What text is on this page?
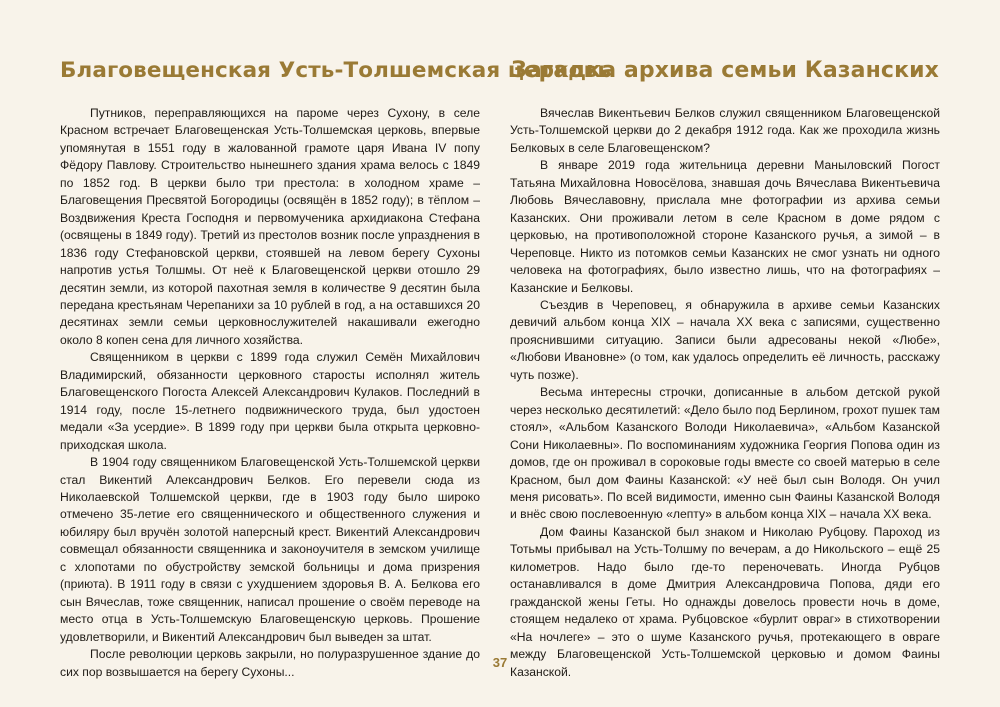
Благовещенская Усть-Толшемская церковь

Путников, переправляющихся на пароме через Сухону, в селе Красном встречает Благовещенская Усть-Толшемская церковь, впервые упомянутая в 1551 году в жалованной грамоте царя Ивана IV попу Фёдору Павлову. Строительство нынешнего здания храма велось с 1849 по 1852 год. В церкви было три престола: в холодном храме – Благовещения Пресвятой Богородицы (освящён в 1852 году); в тёплом – Воздвижения Креста Господня и первомученика архидиакона Стефана (освящены в 1849 году). Третий из престолов возник после упразднения в 1836 году Стефановской церкви, стоявшей на левом берегу Сухоны напротив устья Толшмы. От неё к Благовещенской церкви отошло 29 десятин земли, из которой пахотная земля в количестве 9 десятин была передана крестьянам Черепанихи за 10 рублей в год, а на оставшихся 20 десятинах земли семьи церковнослужителей накашивали ежегодно около 8 копен сена для личного хозяйства.

Священником в церкви с 1899 года служил Семён Михайлович Владимирский, обязанности церковного старосты исполнял житель Благовещенского Погоста Алексей Александрович Кулаков. Последний в 1914 году, после 15-летнего подвижнического труда, был удостоен медали «За усердие». В 1899 году при церкви была открыта церковно-приходская школа.

В 1904 году священником Благовещенской Усть-Толшемской церкви стал Викентий Александрович Белков. Его перевели сюда из Николаевской Толшемской церкви, где в 1903 году было широко отмечено 35-летие его священнического и общественного служения и юбиляру был вручён золотой наперсный крест. Викентий Александрович совмещал обязанности священника и законоучителя в земском училище с хлопотами по обустройству земской больницы и дома призрения (приюта). В 1911 году в связи с ухудшением здоровья В. А. Белкова его сын Вячеслав, тоже священник, написал прошение о своём переводе на место отца в Усть-Толшемскую Благовещенскую церковь. Прошение удовлетворили, и Викентий Александрович был выведен за штат.

После революции церковь закрыли, но полуразрушенное здание до сих пор возвышается на берегу Сухоны...

Загадка архива семьи Казанских

Вячеслав Викентьевич Белков служил священником Благовещенской Усть-Толшемской церкви до 2 декабря 1912 года. Как же проходила жизнь Белковых в селе Благовещенском?

В январе 2019 года жительница деревни Маныловский Погост Татьяна Михайловна Новосёлова, знавшая дочь Вячеслава Викентьевича Любовь Вячеславовну, прислала мне фотографии из архива семьи Казанских. Они проживали летом в селе Красном в доме рядом с церковью, на противоположной стороне Казанского ручья, а зимой – в Череповце. Никто из потомков семьи Казанских не смог узнать ни одного человека на фотографиях, было известно лишь, что на фотографиях – Казанские и Белковы.

Съездив в Череповец, я обнаружила в архиве семьи Казанских девичий альбом конца XIX – начала XX века с записями, существенно прояснившими ситуацию. Записи были адресованы некой «Любе», «Любови Ивановне» (о том, как удалось определить её личность, расскажу чуть позже).

Весьма интересны строчки, дописанные в альбом детской рукой через несколько десятилетий: «Дело было под Берлином, грохот пушек там стоял», «Альбом Казанского Володи Николаевича», «Альбом Казанской Сони Николаевны». По воспоминаниям художника Георгия Попова один из домов, где он проживал в сороковые годы вместе со своей матерью в селе Красном, был дом Фаины Казанской: «У неё был сын Володя. Он учил меня рисовать». По всей видимости, именно сын Фаины Казанской Володя и внёс свою послевоенную «лепту» в альбом конца XIX – начала XX века.

Дом Фаины Казанской был знаком и Николаю Рубцову. Пароход из Тотьмы прибывал на Усть-Толшму по вечерам, а до Никольского – ещё 25 километров. Надо было где-то переночевать. Иногда Рубцов останавливался в доме Дмитрия Александровича Попова, дяди его гражданской жены Геты. Но однажды довелось провести ночь в доме, стоящем недалеко от храма. Рубцовское «бурлит овраг» в стихотворении «На ночлеге» – это о шуме Казанского ручья, протекающего в овраге между Благовещенской Усть-Толшемской церковью и домом Фаины Казанской.

37
